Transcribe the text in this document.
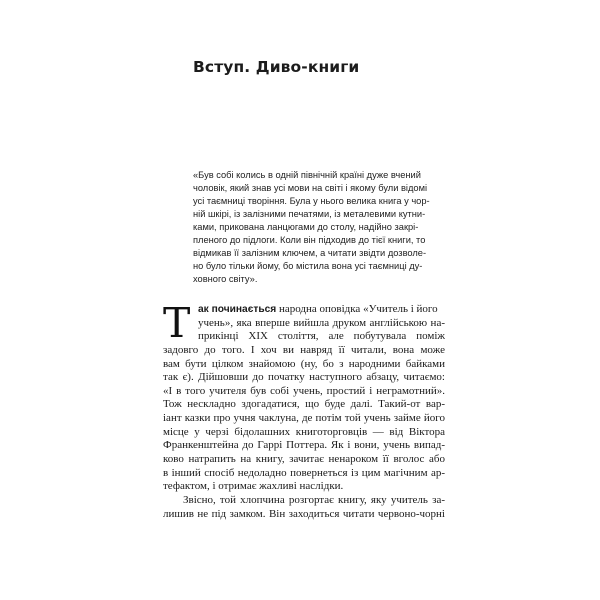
Вступ. Диво-книги
«Був собі колись в одній північній країні дуже вчений
чоловік, який знав усі мови на світі і якому були відомі
усі таємниці творіння. Була у нього велика книга у чор-
ній шкірі, із залізними печатями, із металевими кутни-
ками, прикована ланцюгами до столу, надійно закрі-
пленого до підлоги. Коли він підходив до тієї книги, то
відмикав її залізним ключем, а читати звідти дозволе-
но було тільки йому, бо містила вона усі таємниці ду-
ховного світу».
Т ак починається народна оповідка «Учитель і його
учень», яка вперше вийшла друком англійською на-
прикінці XIX століття, але побутувала поміж
задовго до того. І хоч ви навряд її читали, вона може
вам бути цілком знайомою (ну, бо з народними байками
так є). Дійшовши до початку наступного абзацу, читаємо:
«І в того учителя був собі учень, простий і неграмотний».
Тож нескладно здогадатися, що буде далі. Такий-от вар-
іант казки про учня чаклуна, де потім той учень займе його
місце у черзі бідолашних книготорговців — від Віктора
Франкенштейна до Гаррі Поттера. Як і вони, учень випад-
ково натрапить на книгу, зачитає ненароком її вголос або
в інший спосіб недоладно повернеться із цим магічним ар-
тефактом, і отримає жахливі наслідки.
Звісно, той хлопчина розгортає книгу, яку учитель за-
лишив не під замком. Він заходиться читати червоно-чорні
